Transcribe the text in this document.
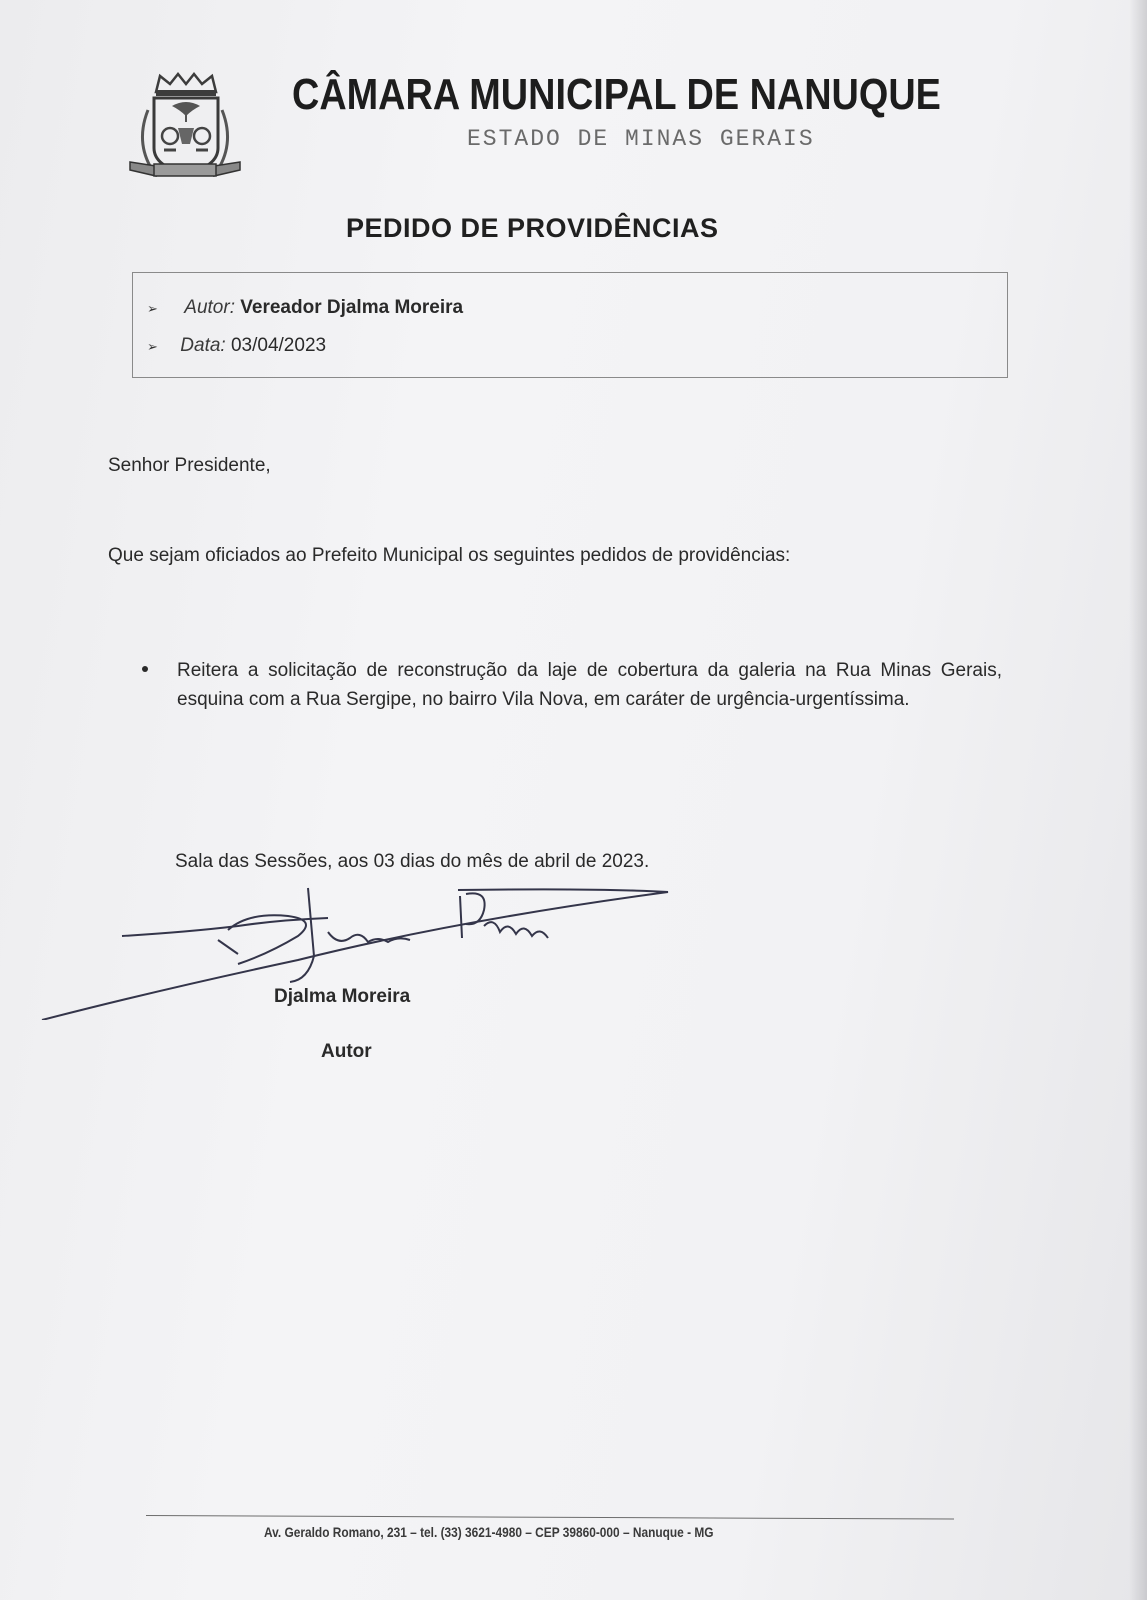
CÂMARA MUNICIPAL DE NANUQUE
ESTADO DE MINAS GERAIS
PEDIDO DE PROVIDÊNCIAS
➢ Autor: Vereador Djalma Moreira
➢ Data: 03/04/2023
Senhor Presidente,
Que sejam oficiados ao Prefeito Municipal os seguintes pedidos de providências:
Reitera a solicitação de reconstrução da laje de cobertura da galeria na Rua Minas Gerais, esquina com a Rua Sergipe, no bairro Vila Nova, em caráter de urgência-urgentíssima.
Sala das Sessões, aos 03 dias do mês de abril de 2023.
Djalma Moreira
Autor
Av. Geraldo Romano, 231 – tel. (33) 3621-4980 – CEP 39860-000 – Nanuque - MG
